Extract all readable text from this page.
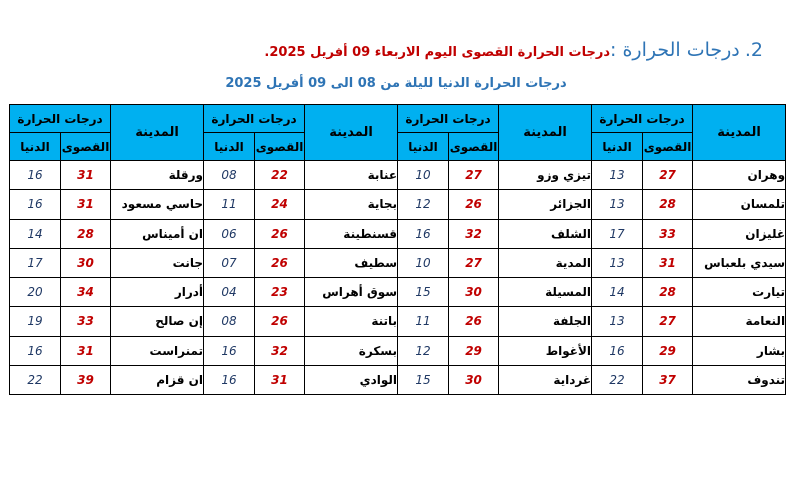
2. درجات الحرارة :درجات الحرارة القصوى اليوم الاربعاء 09 أفريل 2025.
درجات الحرارة الدنيا لليلة من 08 الى 09 أفريل 2025
المدينة	درجات الحرارة		المدينة	درجات الحرارة		المدينة	درجات الحرارة		المدينة	درجات الحرارة	
	القصوى	الدنيا		القصوى	الدنيا		القصوى	الدنيا		القصوى	الدنيا
وهران	27	13	تيزي وزو	27	10	عنابة	22	08	ورقلة	31	16
تلمسان	28	13	الجزائر	26	12	بجاية	24	11	حاسي مسعود	31	16
غليزان	33	17	الشلف	32	16	قسنطينة	26	06	ان أميناس	28	14
سيدي بلعباس	31	13	المدية	27	10	سطيف	26	07	جانت	30	17
تيارت	28	14	المسيلة	30	15	سوق أهراس	23	04	أدرار	34	20
النعامة	27	13	الجلفة	26	11	باتنة	26	08	إن صالح	33	19
بشار	29	16	الأغواط	29	12	بسكرة	32	16	تمنراست	31	16
تندوف	37	22	غرداية	30	15	الوادي	31	16	ان قزام	39	22
